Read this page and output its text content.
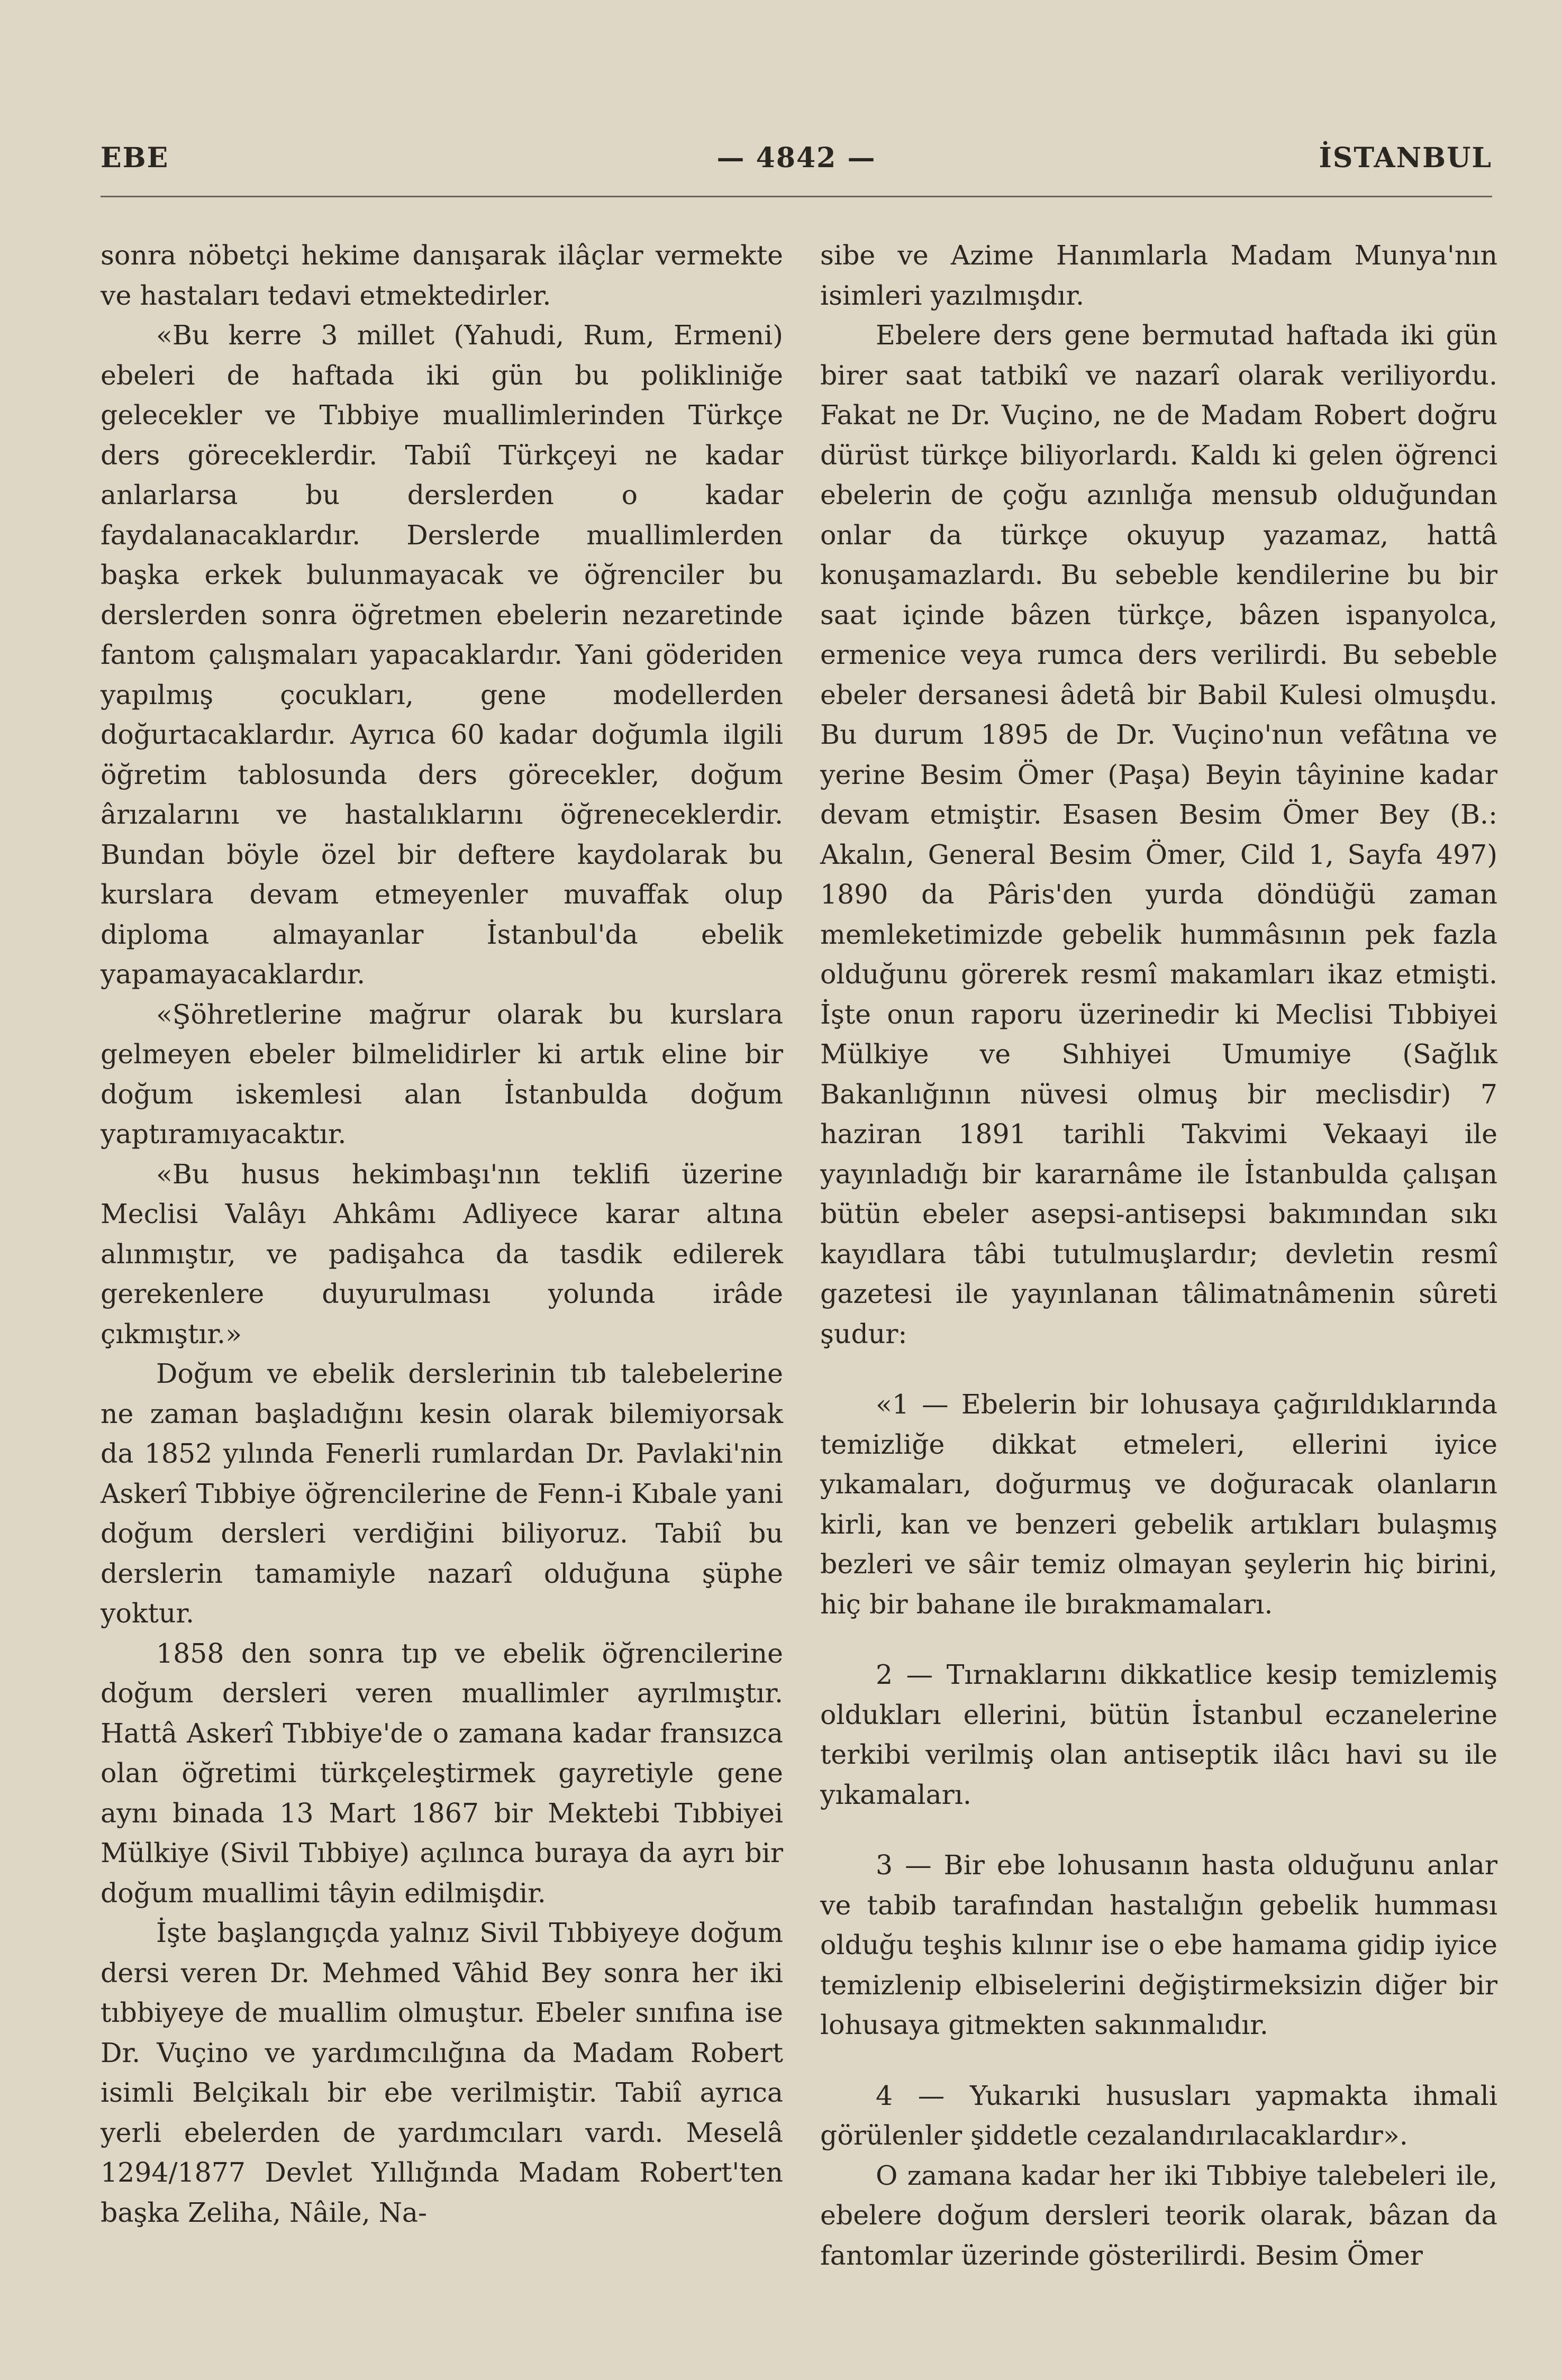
EBE	— 4842 —	İSTANBUL

sonra nöbetçi hekime danışarak ilâçlar vermekte ve hastaları tedavi etmektedirler.

«Bu kerre 3 millet (Yahudi, Rum, Ermeni) ebeleri de haftada iki gün bu polikliniğe gelecekler ve Tıbbiye muallimlerinden Türkçe ders göreceklerdir. Tabiî Türkçeyi ne kadar anlarlarsa bu derslerden o kadar faydalanacaklardır. Derslerde muallimlerden başka erkek bulunmayacak ve öğrenciler bu derslerden sonra öğretmen ebelerin nezaretinde fantom çalışmaları yapacaklardır. Yani göderiden yapılmış çocukları, gene modellerden doğurtacaklardır. Ayrıca 60 kadar doğumla ilgili öğretim tablosunda ders görecekler, doğum ârızalarını ve hastalıklarını öğreneceklerdir. Bundan böyle özel bir deftere kaydolarak bu kurslara devam etmeyenler muvaffak olup diploma almayanlar İstanbul'da ebelik yapamayacaklardır.

«Şöhretlerine mağrur olarak bu kurslara gelmeyen ebeler bilmelidirler ki artık eline bir doğum iskemlesi alan İstanbulda doğum yaptıramıyacaktır.

«Bu husus hekimbaşı'nın teklifi üzerine Meclisi Valâyı Ahkâmı Adliyece karar altına alınmıştır, ve padişahca da tasdik edilerek gerekenlere duyurulması yolunda irâde çıkmıştır.»

Doğum ve ebelik derslerinin tıb talebelerine ne zaman başladığını kesin olarak bilemiyorsak da 1852 yılında Fenerli rumlardan Dr. Pavlaki'nin Askerî Tıbbiye öğrencilerine de Fenn-i Kıbale yani doğum dersleri verdiğini biliyoruz. Tabiî bu derslerin tamamiyle nazarî olduğuna şüphe yoktur.

1858 den sonra tıp ve ebelik öğrencilerine doğum dersleri veren muallimler ayrılmıştır. Hattâ Askerî Tıbbiye'de o zamana kadar fransızca olan öğretimi türkçeleştirmek gayretiyle gene aynı binada 13 Mart 1867 bir Mektebi Tıbbiyei Mülkiye (Sivil Tıbbiye) açılınca buraya da ayrı bir doğum muallimi tâyin edilmişdir.

İşte başlangıçda yalnız Sivil Tıbbiyeye doğum dersi veren Dr. Mehmed Vâhid Bey sonra her iki tıbbiyeye de muallim olmuştur. Ebeler sınıfına ise Dr. Vuçino ve yardımcılığına da Madam Robert isimli Belçikalı bir ebe verilmiştir. Tabiî ayrıca yerli ebelerden de yardımcıları vardı. Meselâ 1294/1877 Devlet Yıllığında Madam Robert'ten başka Zeliha, Nâile, Na-

sibe ve Azime Hanımlarla Madam Munya'nın isimleri yazılmışdır.

Ebelere ders gene bermutad haftada iki gün birer saat tatbikî ve nazarî olarak veriliyordu. Fakat ne Dr. Vuçino, ne de Madam Robert doğru dürüst türkçe biliyorlardı. Kaldı ki gelen öğrenci ebelerin de çoğu azınlığa mensub olduğundan onlar da türkçe okuyup yazamaz, hattâ konuşamazlardı. Bu sebeble kendilerine bu bir saat içinde bâzen türkçe, bâzen ispanyolca, ermenice veya rumca ders verilirdi. Bu sebeble ebeler dersanesi âdetâ bir Babil Kulesi olmuşdu. Bu durum 1895 de Dr. Vuçino'nun vefâtına ve yerine Besim Ömer (Paşa) Beyin tâyinine kadar devam etmiştir. Esasen Besim Ömer Bey (B.: Akalın, General Besim Ömer, Cild 1, Sayfa 497) 1890 da Pâris'den yurda döndüğü zaman memleketimizde gebelik hummâsının pek fazla olduğunu görerek resmî makamları ikaz etmişti. İşte onun raporu üzerinedir ki Meclisi Tıbbiyei Mülkiye ve Sıhhiyei Umumiye (Sağlık Bakanlığının nüvesi olmuş bir meclisdir) 7 haziran 1891 tarihli Takvimi Vekaayi ile yayınladığı bir kararnâme ile İstanbulda çalışan bütün ebeler asepsi-antisepsi bakımından sıkı kayıdlara tâbi tutulmuşlardır; devletin resmî gazetesi ile yayınlanan tâlimatnâmenin sûreti şudur:

«1 — Ebelerin bir lohusaya çağırıldıklarında temizliğe dikkat etmeleri, ellerini iyice yıkamaları, doğurmuş ve doğuracak olanların kirli, kan ve benzeri gebelik artıkları bulaşmış bezleri ve sâir temiz olmayan şeylerin hiç birini, hiç bir bahane ile bırakmamaları.

2 — Tırnaklarını dikkatlice kesip temizlemiş oldukları ellerini, bütün İstanbul eczanelerine terkibi verilmiş olan antiseptik ilâcı havi su ile yıkamaları.

3 — Bir ebe lohusanın hasta olduğunu anlar ve tabib tarafından hastalığın gebelik humması olduğu teşhis kılınır ise o ebe hamama gidip iyice temizlenip elbiselerini değiştirmeksizin diğer bir lohusaya gitmekten sakınmalıdır.

4 — Yukarıki hususları yapmakta ihmali görülenler şiddetle cezalandırılacaklardır».

O zamana kadar her iki Tıbbiye talebeleri ile, ebelere doğum dersleri teorik olarak, bâzan da fantomlar üzerinde gösterilirdi. Besim Ömer
